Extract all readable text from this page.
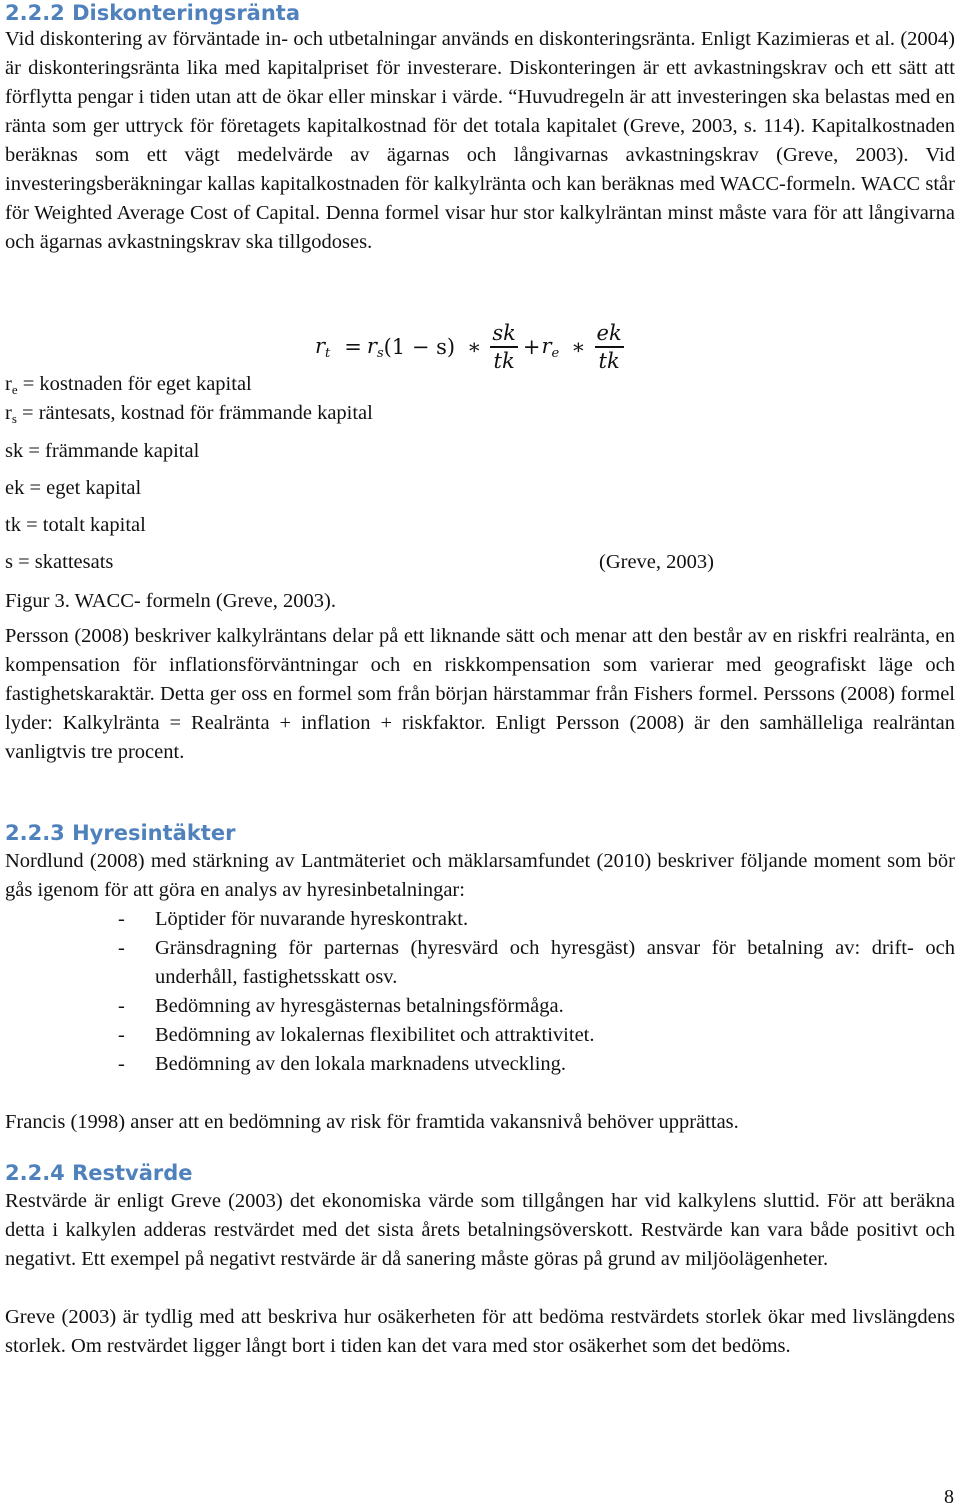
2.2.2 Diskonteringsränta

Vid diskontering av förväntade in- och utbetalningar används en diskonteringsränta. Enligt Kazimieras et al. (2004) är diskonteringsränta lika med kapitalpriset för investerare. Diskonteringen är ett avkastningskrav och ett sätt att förflytta pengar i tiden utan att de ökar eller minskar i värde. “Huvudregeln är att investeringen ska belastas med en ränta som ger uttryck för företagets kapitalkostnad för det totala kapitalet (Greve, 2003, s. 114). Kapitalkostnaden beräknas som ett vägt medelvärde av ägarnas och långivarnas avkastningskrav (Greve, 2003). Vid investeringsberäkningar kallas kapitalkostnaden för kalkylränta och kan beräknas med WACC-formeln. WACC står för Weighted Average Cost of Capital. Denna formel visar hur stor kalkylräntan minst måste vara för att långivarna och ägarnas avkastningskrav ska tillgodoses.

$r_t = r_s$ (1 − s) ∗ $\frac{sk}{tk} + r_e$ ∗ $\frac{ek}{tk}$
$r_e$ = kostnaden för eget kapital
$r_s$ = räntesats, kostnad för främmande kapital
sk = främmande kapital
ek = eget kapital
tk = totalt kapital
s = skattesats	(Greve, 2003)
Figur 3. WACC- formeln (Greve, 2003).

Persson (2008) beskriver kalkylräntans delar på ett liknande sätt och menar att den består av en riskfri realränta, en kompensation för inflationsförväntningar och en riskkompensation som varierar med geografiskt läge och fastighetskaraktär. Detta ger oss en formel som från början härstammar från Fishers formel. Perssons (2008) formel lyder: Kalkylränta = Realränta + inflation + riskfaktor. Enligt Persson (2008) är den samhälleliga realräntan vanligtvis tre procent.

2.2.3 Hyresintäkter

Nordlund (2008) med stärkning av Lantmäteriet och mäklarsamfundet (2010) beskriver följande moment som bör gås igenom för att göra en analys av hyresinbetalningar:

- Löptider för nuvarande hyreskontrakt.
- Gränsdragning för parternas (hyresvärd och hyresgäst) ansvar för betalning av: drift- och underhåll, fastighetsskatt osv.
- Bedömning av hyresgästernas betalningsförmåga.
- Bedömning av lokalernas flexibilitet och attraktivitet.
- Bedömning av den lokala marknadens utveckling.

Francis (1998) anser att en bedömning av risk för framtida vakansnivå behöver upprättas.

2.2.4 Restvärde

Restvärde är enligt Greve (2003) det ekonomiska värde som tillgången har vid kalkylens sluttid. För att beräkna detta i kalkylen adderas restvärdet med det sista årets betalningsöverskott. Restvärde kan vara både positivt och negativt. Ett exempel på negativt restvärde är då sanering måste göras på grund av miljöolägenheter.

Greve (2003) är tydlig med att beskriva hur osäkerheten för att bedöma restvärdets storlek ökar med livslängdens storlek. Om restvärdet ligger långt bort i tiden kan det vara med stor osäkerhet som det bedöms.

8
